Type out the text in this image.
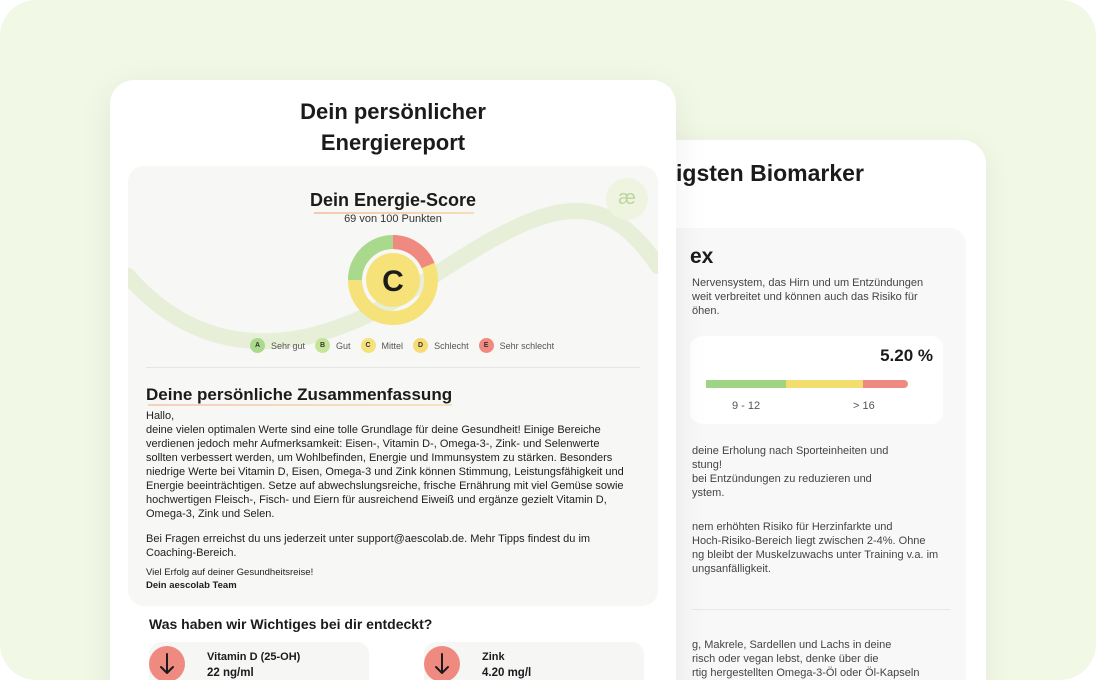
igsten Biomarker
ex
Nervensystem, das Hirn und um Entzündungen
weit verbreitet und können auch das Risiko für
öhen.
5.20 %
9 - 12	> 16
deine Erholung nach Sporteinheiten und
stung!
bei Entzündungen zu reduzieren und
ystem.
nem erhöhten Risiko für Herzinfarkte und
Hoch-Risiko-Bereich liegt zwischen 2-4%. Ohne
ng bleibt der Muskelzuwachs unter Training v.a. im
ungsanfälligkeit.
g, Makrele, Sardellen und Lachs in deine
risch oder vegan lebst, denke über die
rtig hergestellten Omega-3-Öl oder Öl-Kapseln
Dein persönlicher
Energiereport
æ
Dein Energie-Score
69 von 100 Punkten
C
A	Sehr gut	B	Gut	C	Mittel	D	Schlecht	E	Sehr schlecht
Deine persönliche Zusammenfassung
Hallo,
deine vielen optimalen Werte sind eine tolle Grundlage für deine Gesundheit! Einige Bereiche
verdienen jedoch mehr Aufmerksamkeit: Eisen-, Vitamin D-, Omega-3-, Zink- und Selenwerte
sollten verbessert werden, um Wohlbefinden, Energie und Immunsystem zu stärken. Besonders
niedrige Werte bei Vitamin D, Eisen, Omega-3 und Zink können Stimmung, Leistungsfähigkeit und
Energie beeinträchtigen. Setze auf abwechslungsreiche, frische Ernährung mit viel Gemüse sowie
hochwertigen Fleisch-, Fisch- und Eiern für ausreichend Eiweiß und ergänze gezielt Vitamin D,
Omega-3, Zink und Selen.
Bei Fragen erreichst du uns jederzeit unter support@aescolab.de. Mehr Tipps findest du im
Coaching-Bereich.
Viel Erfolg auf deiner Gesundheitsreise!
Dein aescolab Team
Was haben wir Wichtiges bei dir entdeckt?
Vitamin D (25-OH)
22 ng/ml
Zink
4.20 mg/l
